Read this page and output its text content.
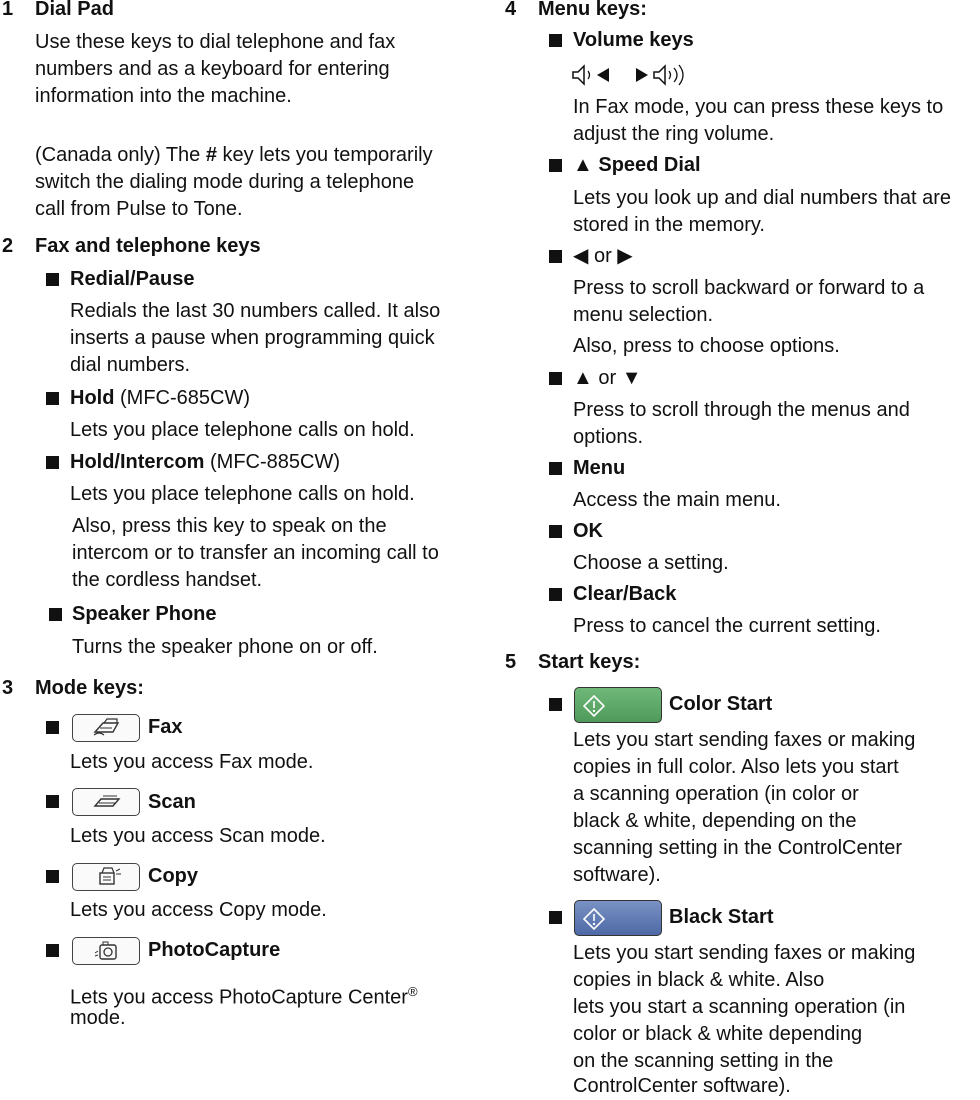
1 Dial Pad
Use these keys to dial telephone and fax
numbers and as a keyboard for entering
information into the machine.
(Canada only) The # key lets you temporarily
switch the dialing mode during a telephone
call from Pulse to Tone.
2 Fax and telephone keys
Redial/Pause
Redials the last 30 numbers called. It also
inserts a pause when programming quick
dial numbers.
Hold (MFC-685CW)
Lets you place telephone calls on hold.
Hold/Intercom (MFC-885CW)
Lets you place telephone calls on hold.
Also, press this key to speak on the
intercom or to transfer an incoming call to
the cordless handset.
Speaker Phone
Turns the speaker phone on or off.
3 Mode keys:
Fax
Lets you access Fax mode.
Scan
Lets you access Scan mode.
Copy
Lets you access Copy mode.
PhotoCapture
Lets you access PhotoCapture Center®
mode.
4 Menu keys:
Volume keys
In Fax mode, you can press these keys to
adjust the ring volume.
▲ Speed Dial
Lets you look up and dial numbers that are
stored in the memory.
◀ or ▶
Press to scroll backward or forward to a
menu selection.
Also, press to choose options.
▲ or ▼
Press to scroll through the menus and
options.
Menu
Access the main menu.
OK
Choose a setting.
Clear/Back
Press to cancel the current setting.
5 Start keys:
Color Start
Lets you start sending faxes or making
copies in full color. Also lets you start
a scanning operation (in color or
black & white, depending on the
scanning setting in the ControlCenter
software).
Black Start
Lets you start sending faxes or making
copies in black & white. Also
lets you start a scanning operation (in
color or black & white depending
on the scanning setting in the
ControlCenter software).
